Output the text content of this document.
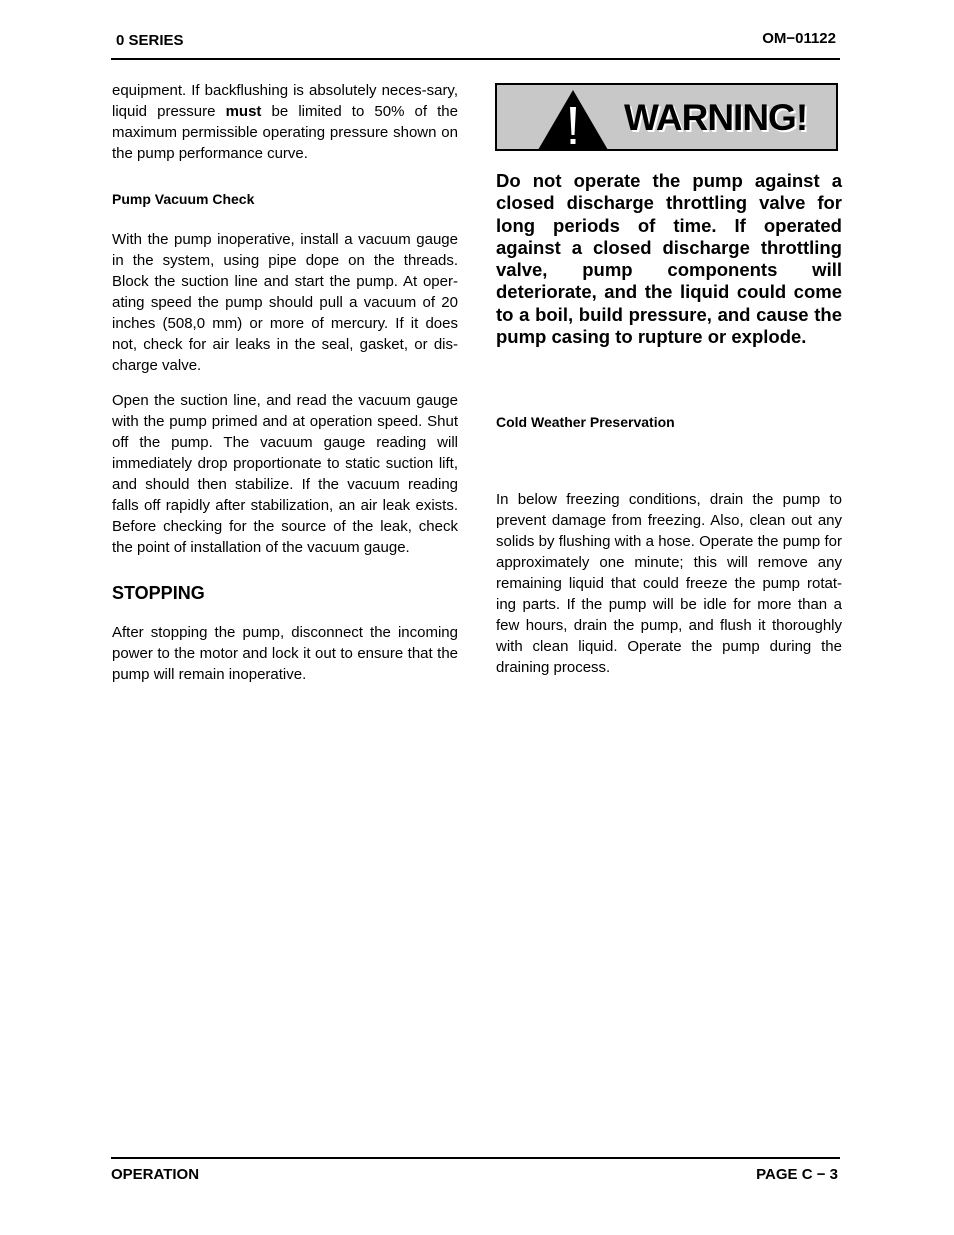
0 SERIES	OM−01122

equipment. If backflushing is absolutely neces-sary, liquid pressure must be limited to 50% of the maximum permissible operating pressure shown on the pump performance curve.

Pump Vacuum Check

With the pump inoperative, install a vacuum gauge in the system, using pipe dope on the threads. Block the suction line and start the pump. At oper-ating speed the pump should pull a vacuum of 20 inches (508,0 mm) or more of mercury. If it does not, check for air leaks in the seal, gasket, or dis-charge valve.

Open the suction line, and read the vacuum gauge with the pump primed and at operation speed. Shut off the pump. The vacuum gauge reading will immediately drop proportionate to static suction lift, and should then stabilize. If the vacuum reading falls off rapidly after stabilization, an air leak exists. Before checking for the source of the leak, check the point of installation of the vacuum gauge.

STOPPING

After stopping the pump, disconnect the incoming power to the motor and lock it out to ensure that the pump will remain inoperative.

WARNING!

Do not operate the pump against a closed discharge throttling valve for long periods of time. If operated against a closed discharge throttling valve, pump components will deteriorate, and the liquid could come to a boil, build pressure, and cause the pump casing to rupture or explode.

Cold Weather Preservation

In below freezing conditions, drain the pump to prevent damage from freezing. Also, clean out any solids by flushing with a hose. Operate the pump for approximately one minute; this will remove any remaining liquid that could freeze the pump rotat-ing parts. If the pump will be idle for more than a few hours, drain the pump, and flush it thoroughly with clean liquid. Operate the pump during the draining process.

OPERATION	PAGE C − 3
